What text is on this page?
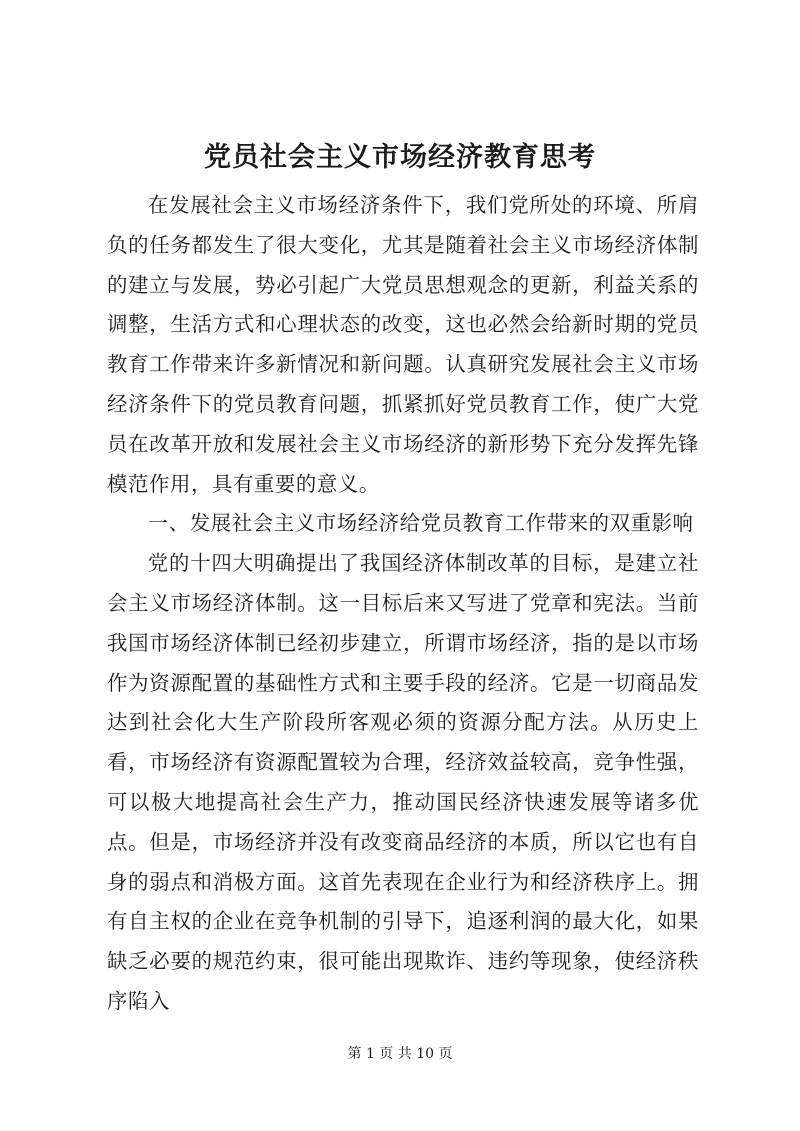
党员社会主义市场经济教育思考

在发展社会主义市场经济条件下，我们党所处的环境、所肩负的任务都发生了很大变化，尤其是随着社会主义市场经济体制的建立与发展，势必引起广大党员思想观念的更新，利益关系的调整，生活方式和心理状态的改变，这也必然会给新时期的党员教育工作带来许多新情况和新问题。认真研究发展社会主义市场经济条件下的党员教育问题，抓紧抓好党员教育工作，使广大党员在改革开放和发展社会主义市场经济的新形势下充分发挥先锋模范作用，具有重要的意义。

一、发展社会主义市场经济给党员教育工作带来的双重影响

党的十四大明确提出了我国经济体制改革的目标，是建立社会主义市场经济体制。这一目标后来又写进了党章和宪法。当前我国市场经济体制已经初步建立，所谓市场经济，指的是以市场作为资源配置的基础性方式和主要手段的经济。它是一切商品发达到社会化大生产阶段所客观必须的资源分配方法。从历史上看，市场经济有资源配置较为合理，经济效益较高，竞争性强，可以极大地提高社会生产力，推动国民经济快速发展等诸多优点。但是，市场经济并没有改变商品经济的本质，所以它也有自身的弱点和消极方面。这首先表现在企业行为和经济秩序上。拥有自主权的企业在竞争机制的引导下，追逐利润的最大化，如果缺乏必要的规范约束，很可能出现欺诈、违约等现象，使经济秩序陷入

第 1 页 共 10 页
